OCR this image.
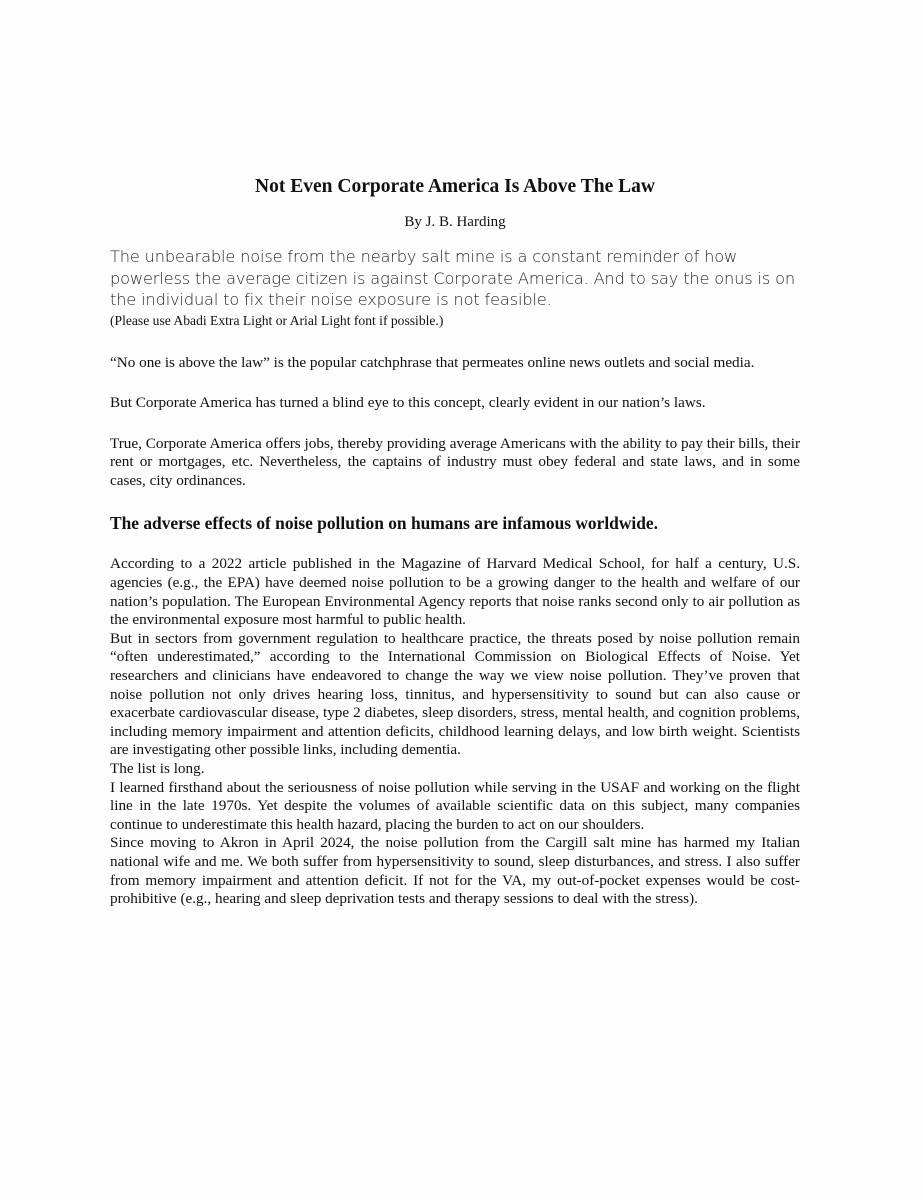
Not Even Corporate America Is Above The Law

By J. B. Harding

The unbearable noise from the nearby salt mine is a constant reminder of how powerless the average citizen is against Corporate America. And to say the onus is on the individual to fix their noise exposure is not feasible.

(Please use Abadi Extra Light or Arial Light font if possible.)

“No one is above the law” is the popular catchphrase that permeates online news outlets and social media.

But Corporate America has turned a blind eye to this concept, clearly evident in our nation’s laws.

True, Corporate America offers jobs, thereby providing average Americans with the ability to pay their bills, their rent or mortgages, etc. Nevertheless, the captains of industry must obey federal and state laws, and in some cases, city ordinances.

The adverse effects of noise pollution on humans are infamous worldwide.

According to a 2022 article published in the Magazine of Harvard Medical School, for half a century, U.S. agencies (e.g., the EPA) have deemed noise pollution to be a growing danger to the health and welfare of our nation’s population. The European Environmental Agency reports that noise ranks second only to air pollution as the environmental exposure most harmful to public health.

But in sectors from government regulation to healthcare practice, the threats posed by noise pollution remain “often underestimated,” according to the International Commission on Biological Effects of Noise. Yet researchers and clinicians have endeavored to change the way we view noise pollution. They’ve proven that noise pollution not only drives hearing loss, tinnitus, and hypersensitivity to sound but can also cause or exacerbate cardiovascular disease, type 2 diabetes, sleep disorders, stress, mental health, and cognition problems, including memory impairment and attention deficits, childhood learning delays, and low birth weight. Scientists are investigating other possible links, including dementia.

The list is long.

I learned firsthand about the seriousness of noise pollution while serving in the USAF and working on the flight line in the late 1970s. Yet despite the volumes of available scientific data on this subject, many companies continue to underestimate this health hazard, placing the burden to act on our shoulders.

Since moving to Akron in April 2024, the noise pollution from the Cargill salt mine has harmed my Italian national wife and me. We both suffer from hypersensitivity to sound, sleep disturbances, and stress. I also suffer from memory impairment and attention deficit. If not for the VA, my out-of-pocket expenses would be cost-prohibitive (e.g., hearing and sleep deprivation tests and therapy sessions to deal with the stress).
